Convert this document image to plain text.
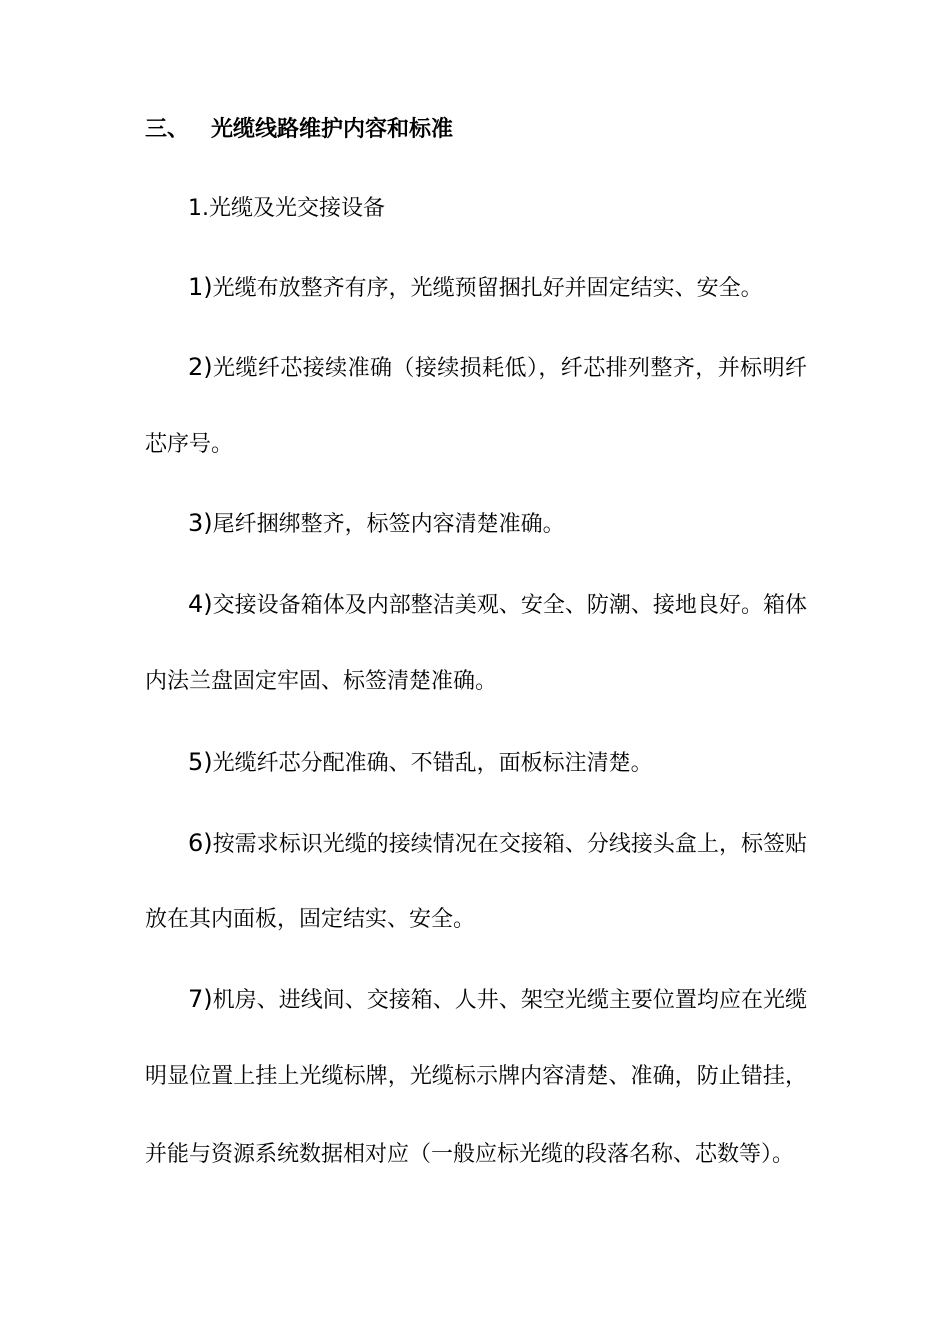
三、 光缆线路维护内容和标准
1.光缆及光交接设备
1)光缆布放整齐有序，光缆预留捆扎好并固定结实、安全。
2)光缆纤芯接续准确（接续损耗低），纤芯排列整齐，并标明纤
芯序号。
3)尾纤捆绑整齐，标签内容清楚准确。
4)交接设备箱体及内部整洁美观、安全、防潮、接地良好。箱体
内法兰盘固定牢固、标签清楚准确。
5)光缆纤芯分配准确、不错乱，面板标注清楚。
6)按需求标识光缆的接续情况在交接箱、分线接头盒上，标签贴
放在其内面板，固定结实、安全。
7)机房、进线间、交接箱、人井、架空光缆主要位置均应在光缆
明显位置上挂上光缆标牌，光缆标示牌内容清楚、准确，防止错挂，
并能与资源系统数据相对应（一般应标光缆的段落名称、芯数等）。
